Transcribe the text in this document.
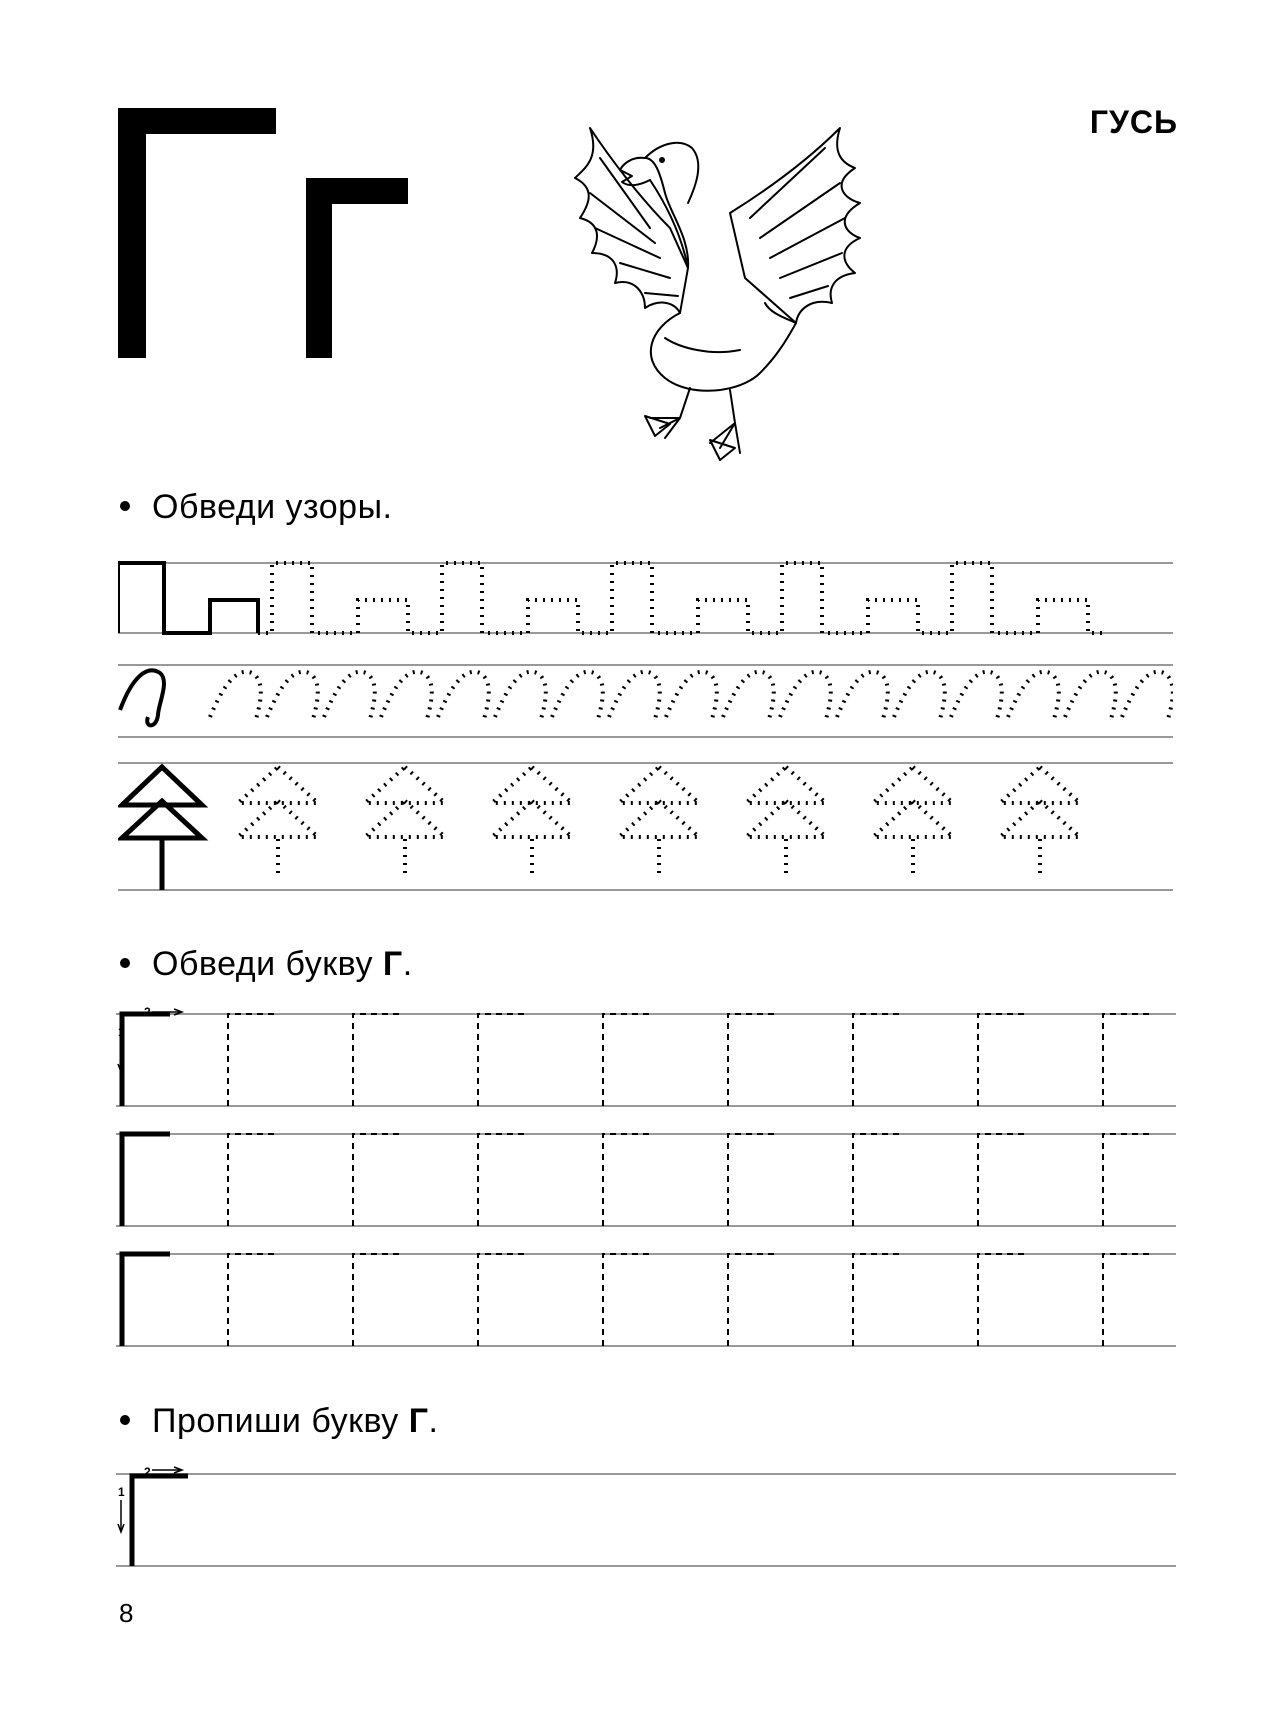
ГУСЬ
Обведи узоры.
Обведи букву Г.
1
2
Пропиши букву Г.
1
2
8
